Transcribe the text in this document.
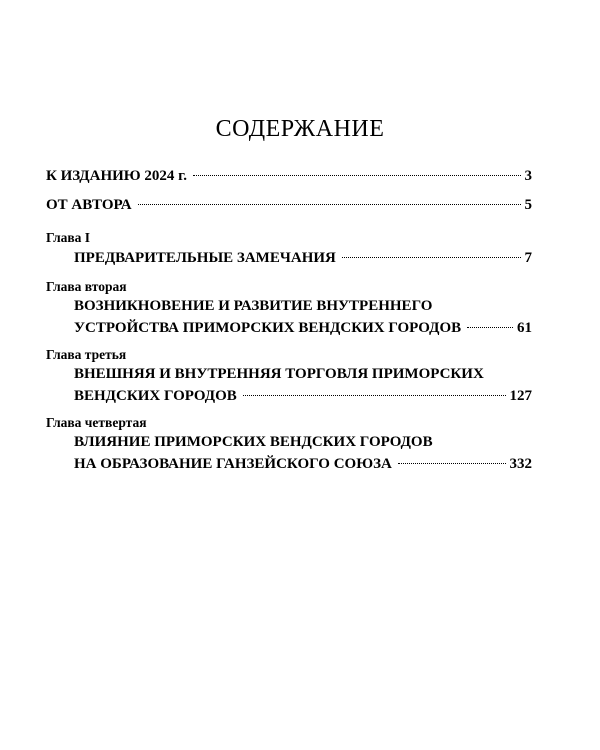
СОДЕРЖАНИЕ
К ИЗДАНИЮ 2024 г.	3
ОТ АВТОРА	5
Глава I
ПРЕДВАРИТЕЛЬНЫЕ ЗАМЕЧАНИЯ	7
Глава вторая
ВОЗНИКНОВЕНИЕ И РАЗВИТИЕ ВНУТРЕННЕГО
УСТРОЙСТВА ПРИМОРСКИХ ВЕНДСКИХ ГОРОДОВ	61
Глава третья
ВНЕШНЯЯ И ВНУТРЕННЯЯ ТОРГОВЛЯ ПРИМОРСКИХ
ВЕНДСКИХ ГОРОДОВ	127
Глава четвертая
ВЛИЯНИЕ ПРИМОРСКИХ ВЕНДСКИХ ГОРОДОВ
НА ОБРАЗОВАНИЕ ГАНЗЕЙСКОГО СОЮЗА	332
